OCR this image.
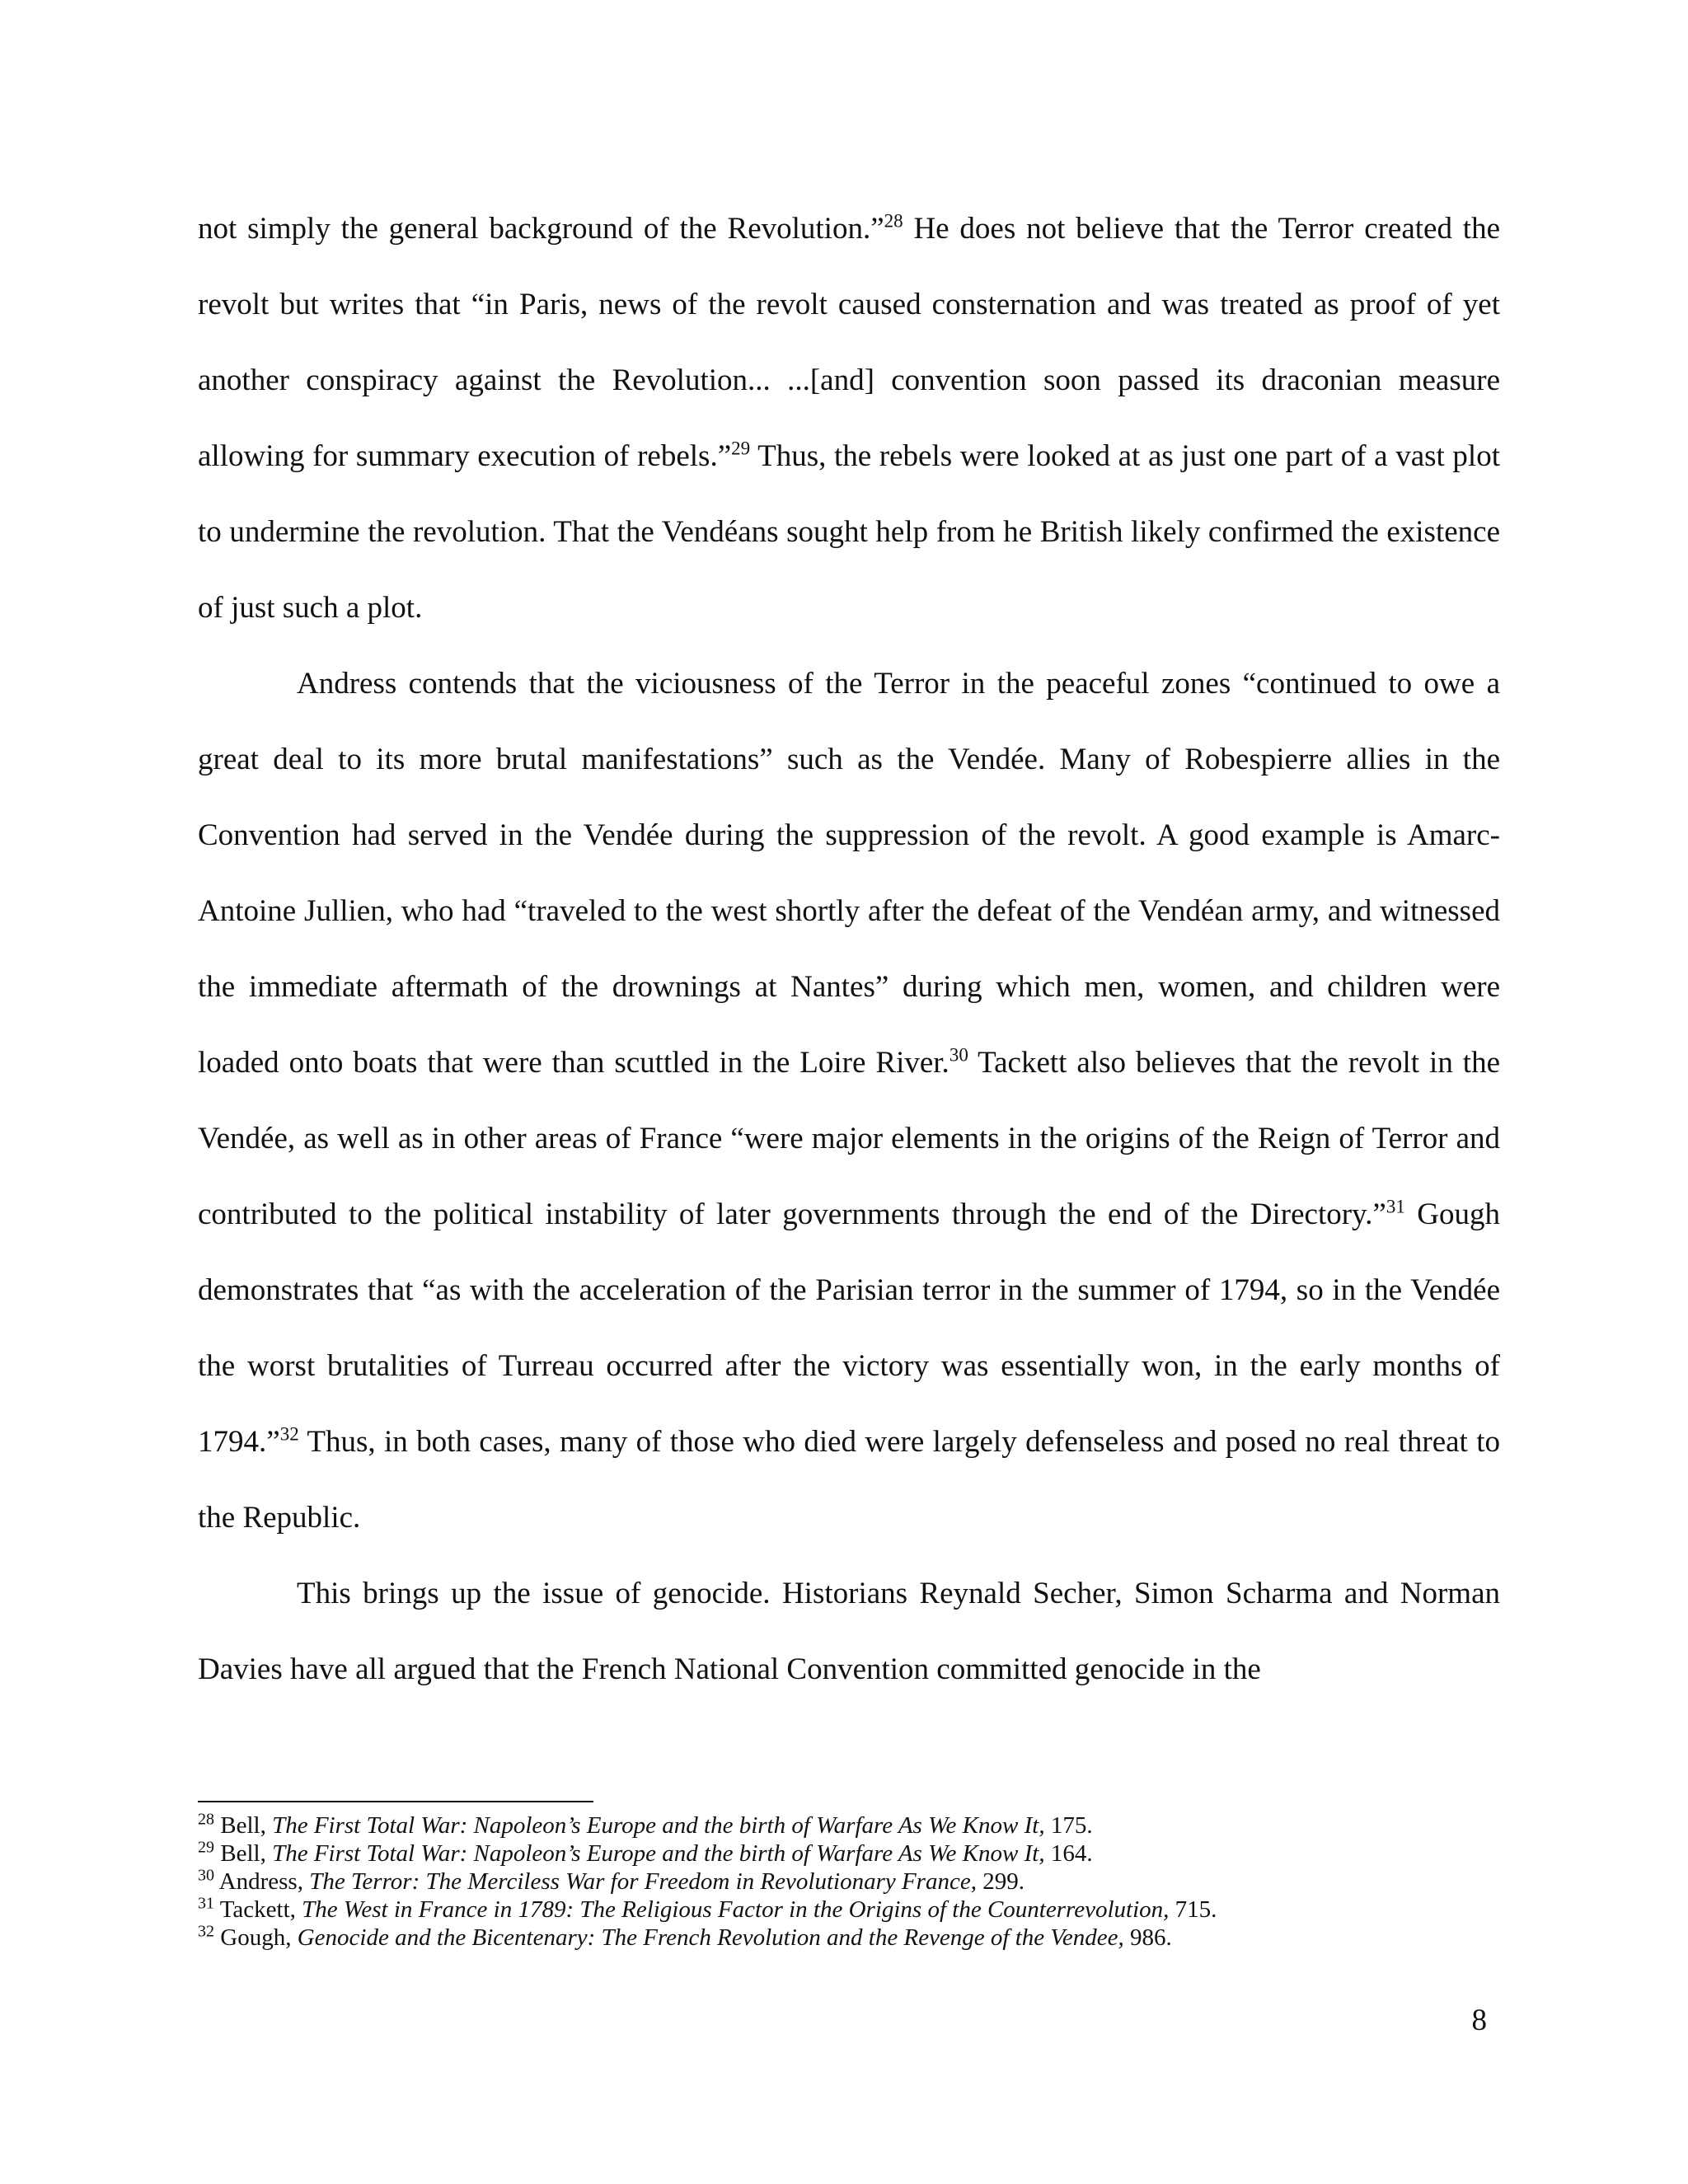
not simply the general background of the Revolution.”$^{28}$ He does not believe that the Terror created the revolt but writes that “in Paris, news of the revolt caused consternation and was treated as proof of yet another conspiracy against the Revolution... ...[and] convention soon passed its draconian measure allowing for summary execution of rebels.”$^{29}$ Thus, the rebels were looked at as just one part of a vast plot to undermine the revolution. That the Vendéans sought help from he British likely confirmed the existence of just such a plot.

Andress contends that the viciousness of the Terror in the peaceful zones “continued to owe a great deal to its more brutal manifestations” such as the Vendée. Many of Robespierre allies in the Convention had served in the Vendée during the suppression of the revolt. A good example is Amarc-Antoine Jullien, who had “traveled to the west shortly after the defeat of the Vendéan army, and witnessed the immediate aftermath of the drownings at Nantes” during which men, women, and children were loaded onto boats that were than scuttled in the Loire River.$^{30}$ Tackett also believes that the revolt in the Vendée, as well as in other areas of France “were major elements in the origins of the Reign of Terror and contributed to the political instability of later governments through the end of the Directory.”$^{31}$ Gough demonstrates that “as with the acceleration of the Parisian terror in the summer of 1794, so in the Vendée the worst brutalities of Turreau occurred after the victory was essentially won, in the early months of 1794.”$^{32}$ Thus, in both cases, many of those who died were largely defenseless and posed no real threat to the Republic.

This brings up the issue of genocide. Historians Reynald Secher, Simon Scharma and Norman Davies have all argued that the French National Convention committed genocide in the

$^{28}$ Bell, The First Total War: Napoleon’s Europe and the birth of Warfare As We Know It, 175.
$^{29}$ Bell, The First Total War: Napoleon’s Europe and the birth of Warfare As We Know It, 164.
$^{30}$ Andress, The Terror: The Merciless War for Freedom in Revolutionary France, 299.
$^{31}$ Tackett, The West in France in 1789: The Religious Factor in the Origins of the Counterrevolution, 715.
$^{32}$ Gough, Genocide and the Bicentenary: The French Revolution and the Revenge of the Vendee, 986.
8
